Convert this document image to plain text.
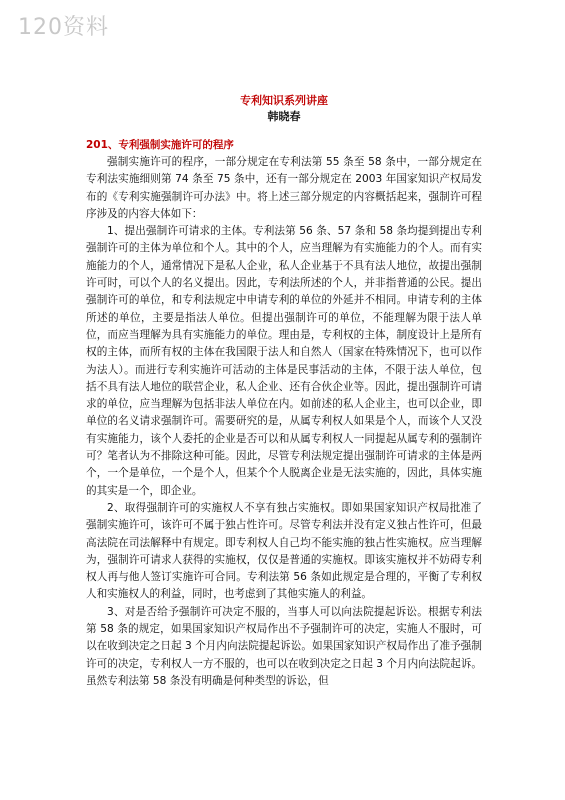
120资料

专利知识系列讲座

韩晓春

201、专利强制实施许可的程序

强制实施许可的程序，一部分规定在专利法第 55 条至 58 条中，一部分规定在专利法实施细则第 74 条至 75 条中，还有一部分规定在 2003 年国家知识产权局发布的《专利实施强制许可办法》中。将上述三部分规定的内容概括起来，强制许可程序涉及的内容大体如下：

1、提出强制许可请求的主体。专利法第 56 条、57 条和 58 条均提到提出专利强制许可的主体为单位和个人。其中的个人，应当理解为有实施能力的个人。而有实施能力的个人，通常情况下是私人企业，私人企业基于不具有法人地位，故提出强制许可时，可以个人的名义提出。因此，专利法所述的个人，并非指普通的公民。提出强制许可的单位，和专利法规定中申请专利的单位的外延并不相同。申请专利的主体所述的单位，主要是指法人单位。但提出强制许可的单位，不能理解为限于法人单位，而应当理解为具有实施能力的单位。理由是，专利权的主体，制度设计上是所有权的主体，而所有权的主体在我国限于法人和自然人（国家在特殊情况下，也可以作为法人）。而进行专利实施许可活动的主体是民事活动的主体，不限于法人单位，包括不具有法人地位的联营企业，私人企业、还有合伙企业等。因此，提出强制许可请求的单位，应当理解为包括非法人单位在内。如前述的私人企业主，也可以企业，即单位的名义请求强制许可。需要研究的是，从属专利权人如果是个人，而该个人又没有实施能力，该个人委托的企业是否可以和从属专利权人一同提起从属专利的强制许可？笔者认为不排除这种可能。因此，尽管专利法规定提出强制许可请求的主体是两个，一个是单位，一个是个人，但某个个人脱离企业是无法实施的，因此，具体实施的其实是一个，即企业。

2、取得强制许可的实施权人不享有独占实施权。即如果国家知识产权局批准了强制实施许可，该许可不属于独占性许可。尽管专利法并没有定义独占性许可，但最高法院在司法解释中有规定。即专利权人自己均不能实施的独占性实施权。应当理解为，强制许可请求人获得的实施权，仅仅是普通的实施权。即该实施权并不妨碍专利权人再与他人签订实施许可合同。专利法第 56 条如此规定是合理的，平衡了专利权人和实施权人的利益，同时，也考虑到了其他实施人的利益。

3、对是否给予强制许可决定不服的，当事人可以向法院提起诉讼。根据专利法第 58 条的规定，如果国家知识产权局作出不予强制许可的决定，实施人不服时，可以在收到决定之日起 3 个月内向法院提起诉讼。如果国家知识产权局作出了准予强制许可的决定，专利权人一方不服的，也可以在收到决定之日起 3 个月内向法院起诉。虽然专利法第 58 条没有明确是何种类型的诉讼，但
